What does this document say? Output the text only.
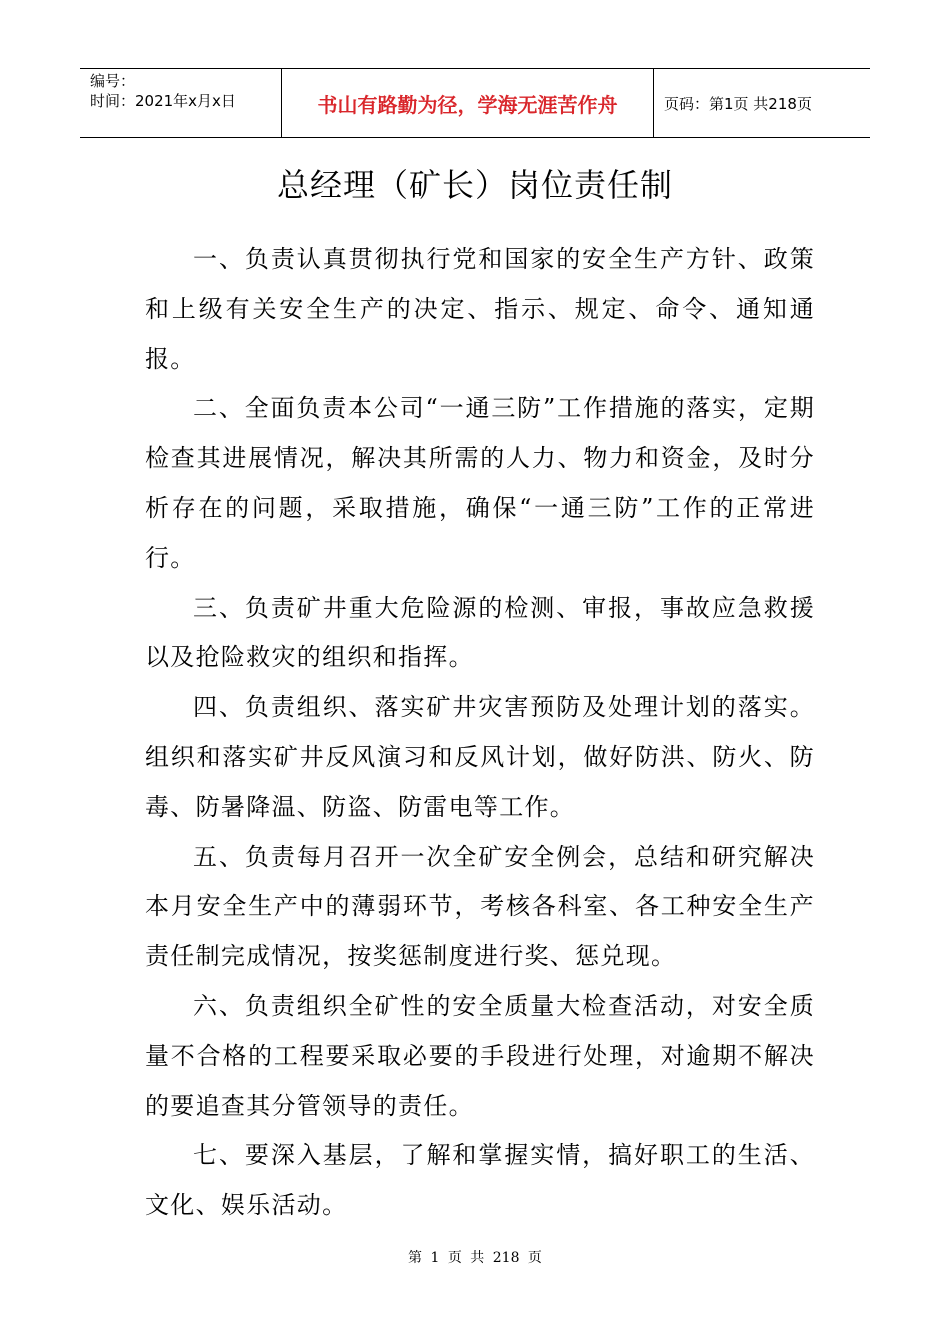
编号：
时间：2021年x月x日	书山有路勤为径，学海无涯苦作舟	页码：第1页 共218页
总经理（矿长）岗位责任制

一、负责认真贯彻执行党和国家的安全生产方针、政策和上级有关安全生产的决定、指示、规定、命令、通知通报。

二、全面负责本公司“一通三防”工作措施的落实，定期检查其进展情况，解决其所需的人力、物力和资金，及时分析存在的问题，采取措施，确保“一通三防”工作的正常进行。

三、负责矿井重大危险源的检测、审报，事故应急救援以及抢险救灾的组织和指挥。

四、负责组织、落实矿井灾害预防及处理计划的落实。组织和落实矿井反风演习和反风计划，做好防洪、防火、防毒、防暑降温、防盗、防雷电等工作。

五、负责每月召开一次全矿安全例会，总结和研究解决本月安全生产中的薄弱环节，考核各科室、各工种安全生产责任制完成情况，按奖惩制度进行奖、惩兑现。

六、负责组织全矿性的安全质量大检查活动，对安全质量不合格的工程要采取必要的手段进行处理，对逾期不解决的要追查其分管领导的责任。

七、要深入基层，了解和掌握实情，搞好职工的生活、文化、娱乐活动。

第 1 页 共 218 页
